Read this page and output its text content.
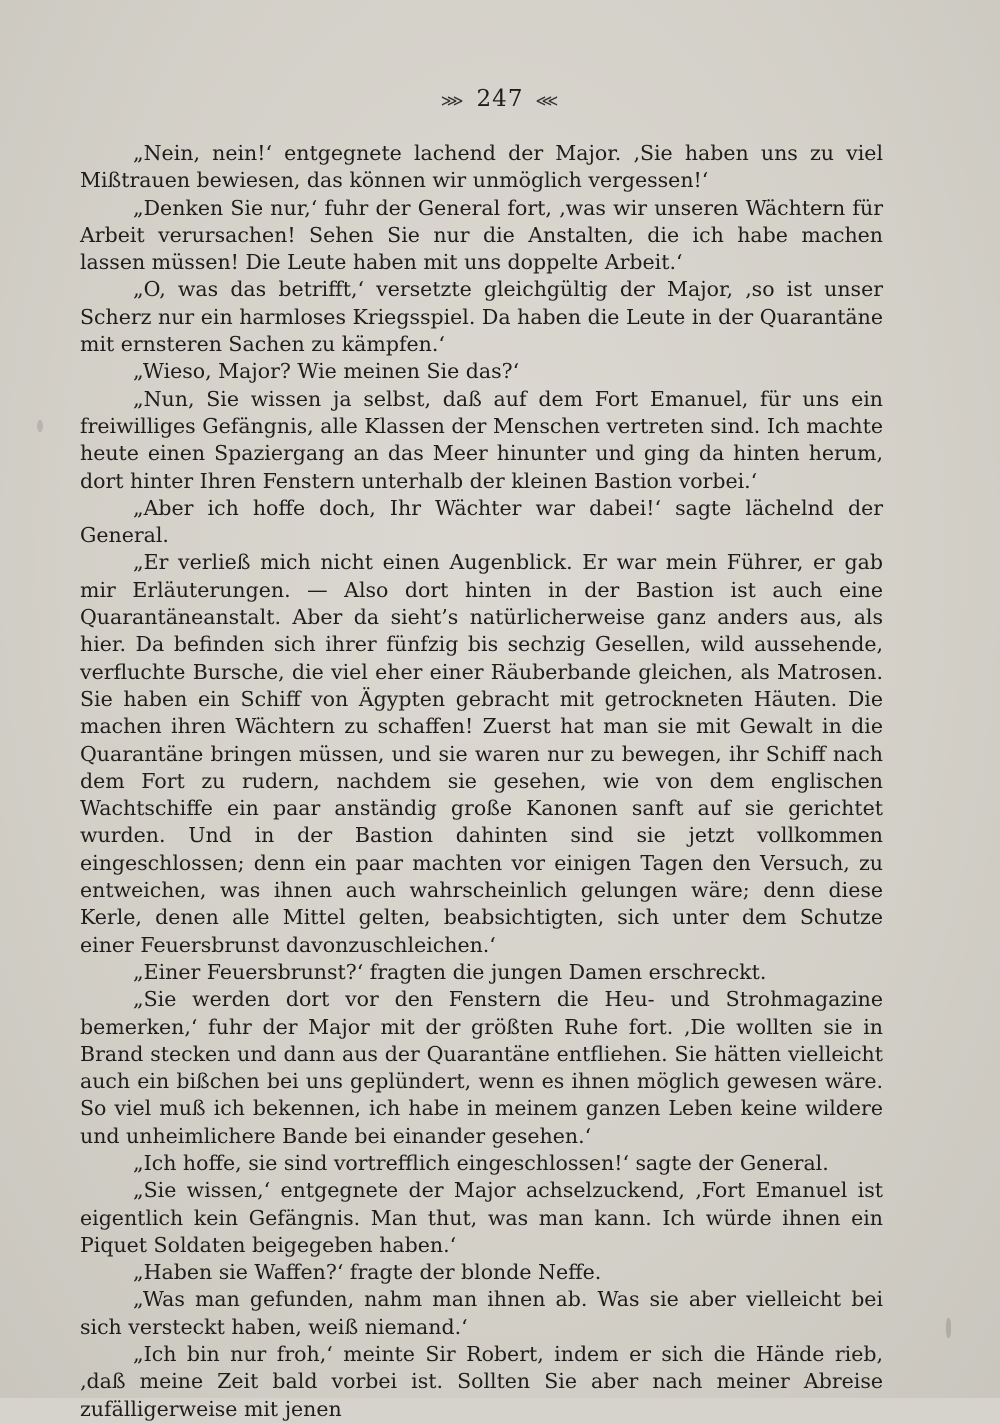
⋙ 247 ⋘

„Nein, nein!‘ entgegnete lachend der Major. ‚Sie haben uns zu viel Mißtrauen bewiesen, das können wir unmöglich vergessen!‘

„Denken Sie nur,‘ fuhr der General fort, ‚was wir unseren Wächtern für Arbeit verursachen! Sehen Sie nur die Anstalten, die ich habe machen lassen müssen! Die Leute haben mit uns doppelte Arbeit.‘

„O, was das betrifft,‘ versetzte gleichgültig der Major, ‚so ist unser Scherz nur ein harmloses Kriegsspiel. Da haben die Leute in der Quarantäne mit ernsteren Sachen zu kämpfen.‘

„Wieso, Major? Wie meinen Sie das?‘

„Nun, Sie wissen ja selbst, daß auf dem Fort Emanuel, für uns ein freiwilliges Gefängnis, alle Klassen der Menschen vertreten sind. Ich machte heute einen Spaziergang an das Meer hinunter und ging da hinten herum, dort hinter Ihren Fenstern unterhalb der kleinen Bastion vorbei.‘

„Aber ich hoffe doch, Ihr Wächter war dabei!‘ sagte lächelnd der General.

„Er verließ mich nicht einen Augenblick. Er war mein Führer, er gab mir Erläuterungen. — Also dort hinten in der Bastion ist auch eine Quarantäneanstalt. Aber da sieht’s natürlicherweise ganz anders aus, als hier. Da befinden sich ihrer fünfzig bis sechzig Gesellen, wild aussehende, verfluchte Bursche, die viel eher einer Räuberbande gleichen, als Matrosen. Sie haben ein Schiff von Ägypten gebracht mit getrockneten Häuten. Die machen ihren Wächtern zu schaffen! Zuerst hat man sie mit Gewalt in die Quarantäne bringen müssen, und sie waren nur zu bewegen, ihr Schiff nach dem Fort zu rudern, nachdem sie gesehen, wie von dem englischen Wachtschiffe ein paar anständig große Kanonen sanft auf sie gerichtet wurden. Und in der Bastion dahinten sind sie jetzt vollkommen eingeschlossen; denn ein paar machten vor einigen Tagen den Versuch, zu entweichen, was ihnen auch wahrscheinlich gelungen wäre; denn diese Kerle, denen alle Mittel gelten, beabsichtigten, sich unter dem Schutze einer Feuersbrunst davonzuschleichen.‘

„Einer Feuersbrunst?‘ fragten die jungen Damen erschreckt.

„Sie werden dort vor den Fenstern die Heu- und Strohmagazine bemerken,‘ fuhr der Major mit der größten Ruhe fort. ‚Die wollten sie in Brand stecken und dann aus der Quarantäne entfliehen. Sie hätten vielleicht auch ein bißchen bei uns geplündert, wenn es ihnen möglich gewesen wäre. So viel muß ich bekennen, ich habe in meinem ganzen Leben keine wildere und unheimlichere Bande bei einander gesehen.‘

„Ich hoffe, sie sind vortrefflich eingeschlossen!‘ sagte der General.

„Sie wissen,‘ entgegnete der Major achselzuckend, ‚Fort Emanuel ist eigentlich kein Gefängnis. Man thut, was man kann. Ich würde ihnen ein Piquet Soldaten beigegeben haben.‘

„Haben sie Waffen?‘ fragte der blonde Neffe.

„Was man gefunden, nahm man ihnen ab. Was sie aber vielleicht bei sich versteckt haben, weiß niemand.‘

„Ich bin nur froh,‘ meinte Sir Robert, indem er sich die Hände rieb, ‚daß meine Zeit bald vorbei ist. Sollten Sie aber nach meiner Abreise zufälligerweise mit jenen
